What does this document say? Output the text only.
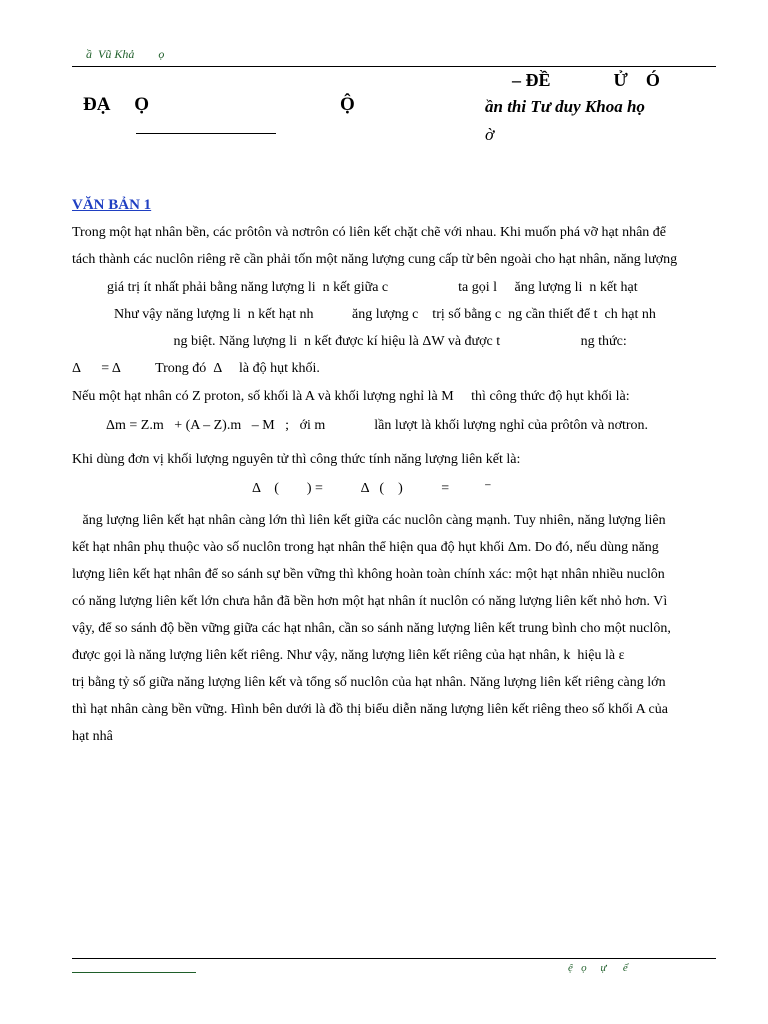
ầ  Vũ Khả        ọ
ĐẠ     Ọ	Ộ
– ĐỀ              Ử    Ó
ần thi Tư duy Khoa họ
ờ
VĂN BẢN 1
Trong một hạt nhân bền, các prôtôn và nơtrôn có liên kết chặt chẽ với nhau. Khi muốn phá vỡ hạt nhân để
tách thành các nuclôn riêng rẽ cần phải tốn một năng lượng cung cấp từ bên ngoài cho hạt nhân, năng lượng
giá trị ít nhất phải bằng năng lượng li  n kết giữa c                    ta gọi l     ăng lượng li  n kết hạt
Như vậy năng lượng li  n kết hạt nh           ăng lượng c    trị số bằng c  ng cần thiết để t  ch hạt nh
ng biệt. Năng lượng li  n kết được kí hiệu là ΔW và được t                       ng thức:
Δ      = Δ          Trong đó  Δ     là độ hụt khối.
Nếu một hạt nhân có Z proton, số khối là A và khối lượng nghỉ là M     thì công thức độ hụt khối là:
Δm = Z.m   + (A – Z).m   – M   ;   ới m              lần lượt là khối lượng nghỉ của prôtôn và nơtron.
Khi dùng đơn vị khối lượng nguyên tử thì công thức tính năng lượng liên kết là:
Δ    (        ) =           Δ   (    )           =          ⁻
ăng lượng liên kết hạt nhân càng lớn thì liên kết giữa các nuclôn càng mạnh. Tuy nhiên, năng lượng liên
kết hạt nhân phụ thuộc vào số nuclôn trong hạt nhân thể hiện qua độ hụt khối Δm. Do đó, nếu dùng năng
lượng liên kết hạt nhân để so sánh sự bền vững thì không hoàn toàn chính xác: một hạt nhân nhiều nuclôn
có năng lượng liên kết lớn chưa hẳn đã bền hơn một hạt nhân ít nuclôn có năng lượng liên kết nhỏ hơn. Vì
vậy, để so sánh độ bền vững giữa các hạt nhân, cần so sánh năng lượng liên kết trung bình cho một nuclôn,
được gọi là năng lượng liên kết riêng. Như vậy, năng lượng liên kết riêng của hạt nhân, k  hiệu là ε
trị bằng tỷ số giữa năng lượng liên kết và tổng số nuclôn của hạt nhân. Năng lượng liên kết riêng càng lớn
thì hạt nhân càng bền vững. Hình bên dưới là đồ thị biểu diễn năng lượng liên kết riêng theo số khối A của
hạt nhâ
ệ   ọ     ự      ể
